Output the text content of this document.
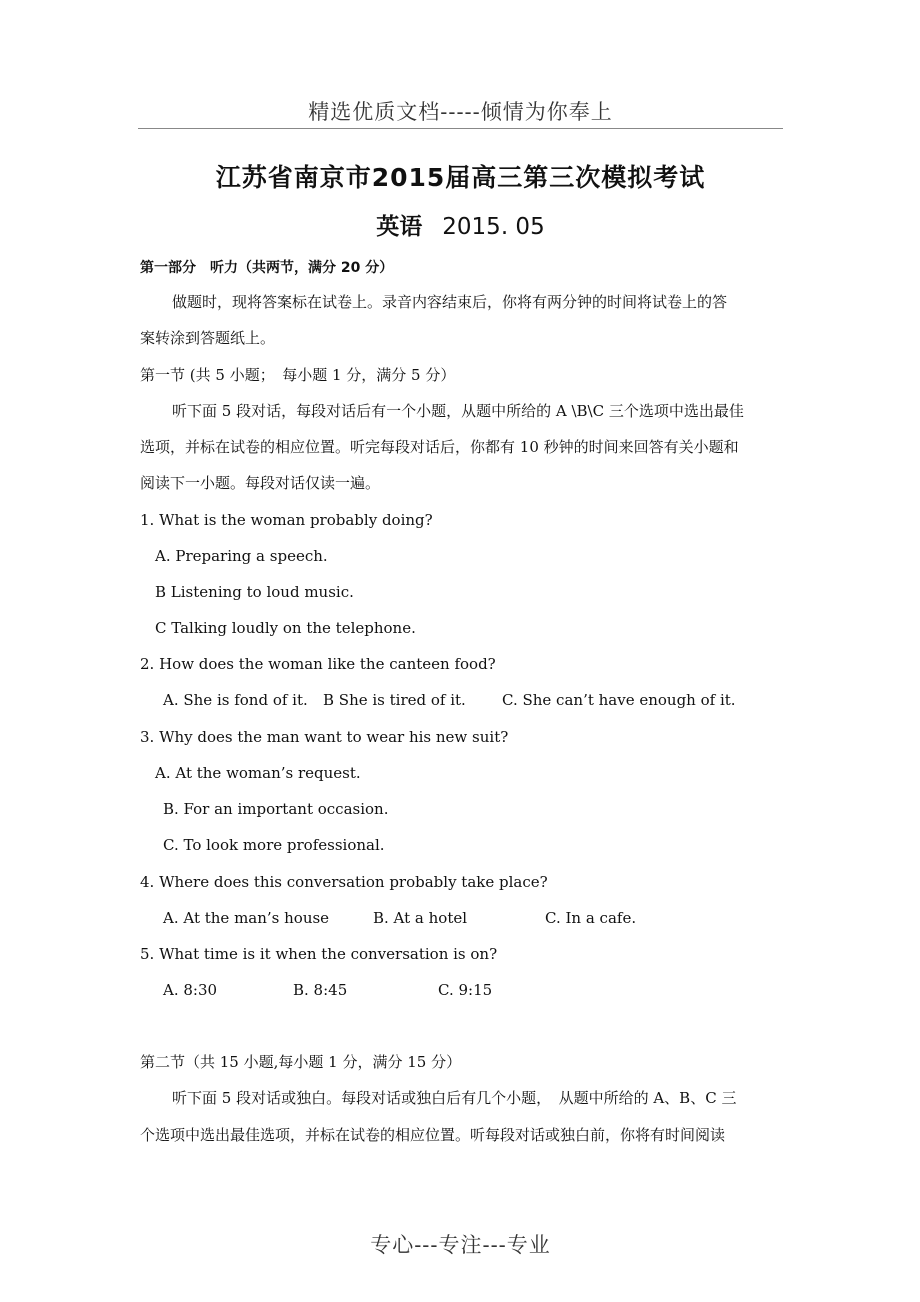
精选优质文档-----倾情为你奉上
江苏省南京市2015届高三第三次模拟考试
英语 2015. 05
第一部分　听力（共两节，满分 20 分）
做题时，现将答案标在试卷上。录音内容结束后，你将有两分钟的时间将试卷上的答
案转涂到答题纸上。
第一节 (共 5 小题；　每小题 1 分，满分 5 分）
听下面 5 段对话，每段对话后有一个小题，从题中所给的 A \B\C 三个选项中选出最佳
选项，并标在试卷的相应位置。听完每段对话后，你都有 10 秒钟的时间来回答有关小题和
阅读下一小题。每段对话仅读一遍。
1. What is the woman probably doing?
A. Preparing a speech.
B Listening to loud music.
C Talking loudly on the telephone.
2. How does the woman like the canteen food?
A. She is fond of it. B She is tired of it. C. She can’t have enough of it.
3. Why does the man want to wear his new suit?
A. At the woman’s request.
B. For an important occasion.
C. To look more professional.
4. Where does this conversation probably take place?
A. At the man’s house	B. At a hotel	C. In a cafe.
5. What time is it when the conversation is on?
A. 8:30	B. 8:45	C. 9:15
第二节（共 15 小题,每小题 1 分，满分 15 分）
听下面 5 段对话或独白。每段对话或独白后有几个小题，　从题中所给的 A、B、C 三
个选项中选出最佳选项，并标在试卷的相应位置。听每段对话或独白前，你将有时间阅读
专心---专注---专业
